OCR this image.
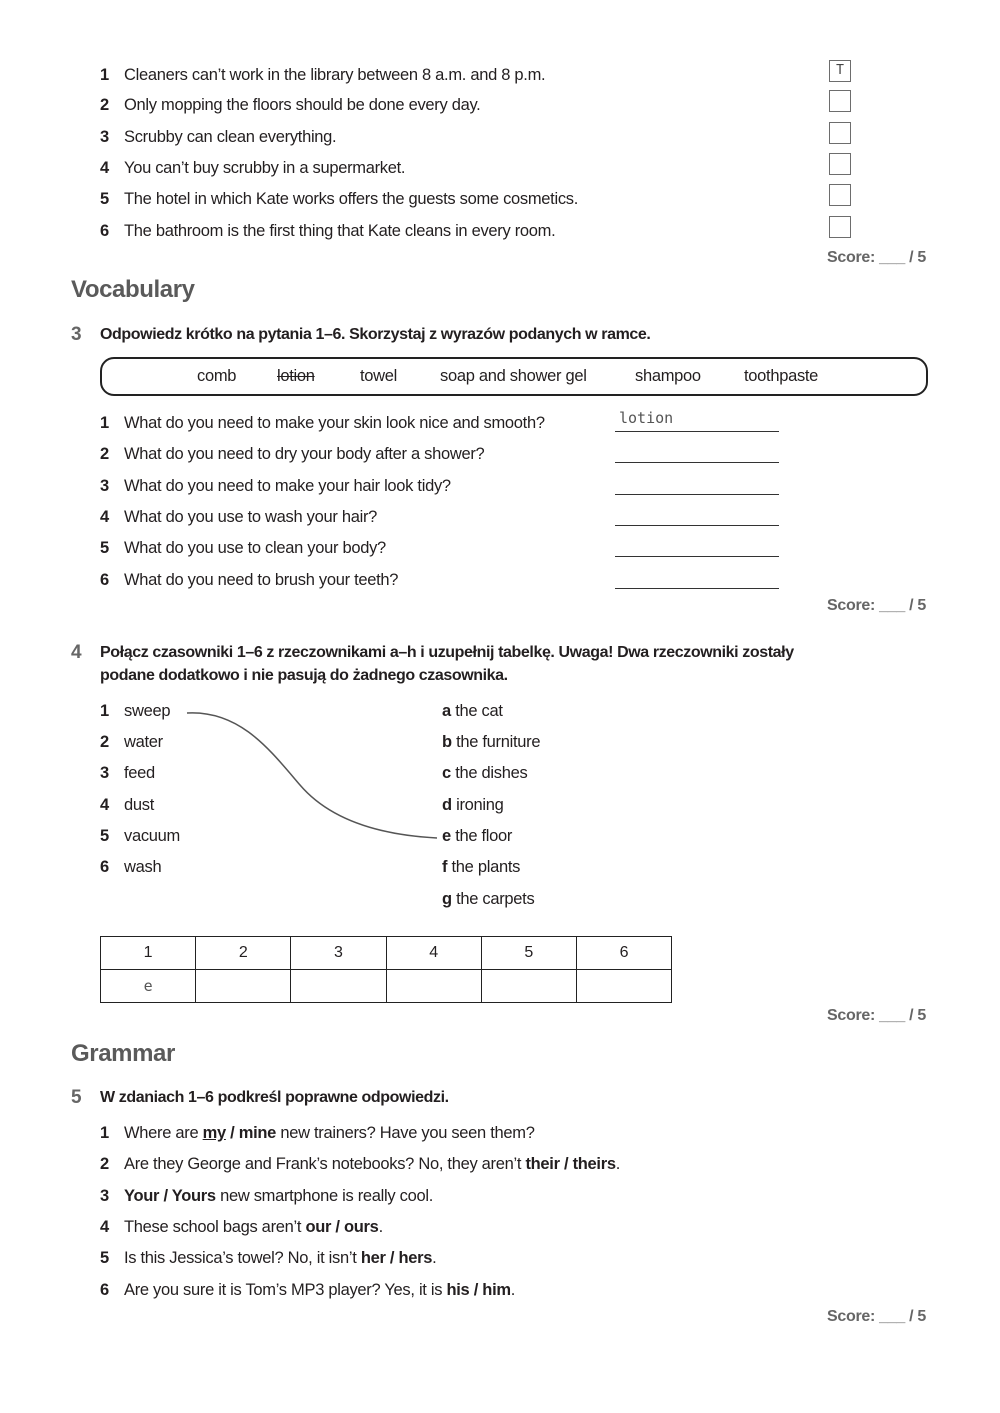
1 Cleaners can’t work in the library between 8 a.m. and 8 p.m.	T
2 Only mopping the floors should be done every day.
3 Scrubby can clean everything.
4 You can’t buy scrubby in a supermarket.
5 The hotel in which Kate works offers the guests some cosmetics.
6 The bathroom is the first thing that Kate cleans in every room.
Score: ___ / 5
Vocabulary
3 Odpowiedz krótko na pytania 1–6. Skorzystaj z wyrazów podanych w ramce.
comb lotion	towel	soap and shower gel	shampoo	toothpaste
1 What do you need to make your skin look nice and smooth?	lotion
2 What do you need to dry your body after a shower?
3 What do you need to make your hair look tidy?
4 What do you use to wash your hair?
5 What do you use to clean your body?
6 What do you need to brush your teeth?
Score: ___ / 5
4 Połącz czasowniki 1–6 z rzeczownikami a–h i uzupełnij tabelkę. Uwaga! Dwa rzeczowniki zostały
podane dodatkowo i nie pasują do żadnego czasownika.
1 sweep
2 water
3 feed
4 dust
5 vacuum
6 wash
a the cat
b the furniture
c the dishes
d ironing
e the floor
f the plants
g the carpets
1	2	3	4	5	6
e					
Score: ___ / 5
Grammar
5 W zdaniach 1–6 podkreśl poprawne odpowiedzi.
1 Where are my / mine new trainers? Have you seen them?
2 Are they George and Frank’s notebooks? No, they aren’t their / theirs.
3 Your / Yours new smartphone is really cool.
4 These school bags aren’t our / ours.
5 Is this Jessica’s towel? No, it isn’t her / hers.
6 Are you sure it is Tom’s MP3 player? Yes, it is his / him.
Score: ___ / 5
